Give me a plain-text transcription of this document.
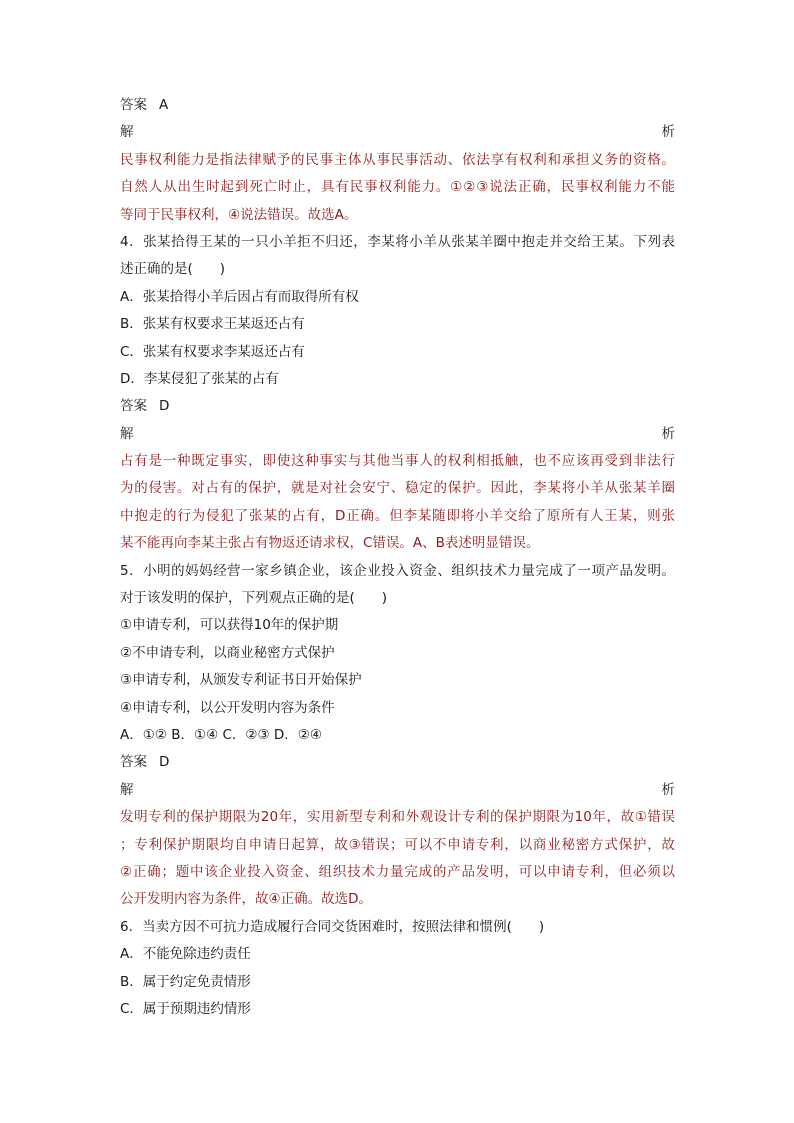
答案 A
解	析
民事权利能力是指法律赋予的民事主体从事民事活动、依法享有权利和承担义务的资格。
自然人从出生时起到死亡时止，具有民事权利能力。①②③说法正确，民事权利能力不能
等同于民事权利，④说法错误。故选A。
4．张某拾得王某的一只小羊拒不归还，李某将小羊从张某羊圈中抱走并交给王某。下列表
述正确的是(　　)
A．张某拾得小羊后因占有而取得所有权
B．张某有权要求王某返还占有
C．张某有权要求李某返还占有
D．李某侵犯了张某的占有
答案 D
解	析
占有是一种既定事实，即使这种事实与其他当事人的权利相抵触，也不应该再受到非法行
为的侵害。对占有的保护，就是对社会安宁、稳定的保护。因此，李某将小羊从张某羊圈
中抱走的行为侵犯了张某的占有，D正确。但李某随即将小羊交给了原所有人王某，则张
某不能再向李某主张占有物返还请求权，C错误。A、B表述明显错误。
5．小明的妈妈经营一家乡镇企业，该企业投入资金、组织技术力量完成了一项产品发明。
对于该发明的保护，下列观点正确的是(　　)
①申请专利，可以获得10年的保护期
②不申请专利，以商业秘密方式保护
③申请专利，从颁发专利证书日开始保护
④申请专利，以公开发明内容为条件
A．①② B．①④ C．②③ D．②④
答案 D
解	析
发明专利的保护期限为20年，实用新型专利和外观设计专利的保护期限为10年，故①错误
；专利保护期限均自申请日起算，故③错误；可以不申请专利，以商业秘密方式保护，故
②正确；题中该企业投入资金、组织技术力量完成的产品发明，可以申请专利，但必须以
公开发明内容为条件，故④正确。故选D。
6．当卖方因不可抗力造成履行合同交货困难时，按照法律和惯例(　　)
A．不能免除违约责任
B．属于约定免责情形
C．属于预期违约情形
